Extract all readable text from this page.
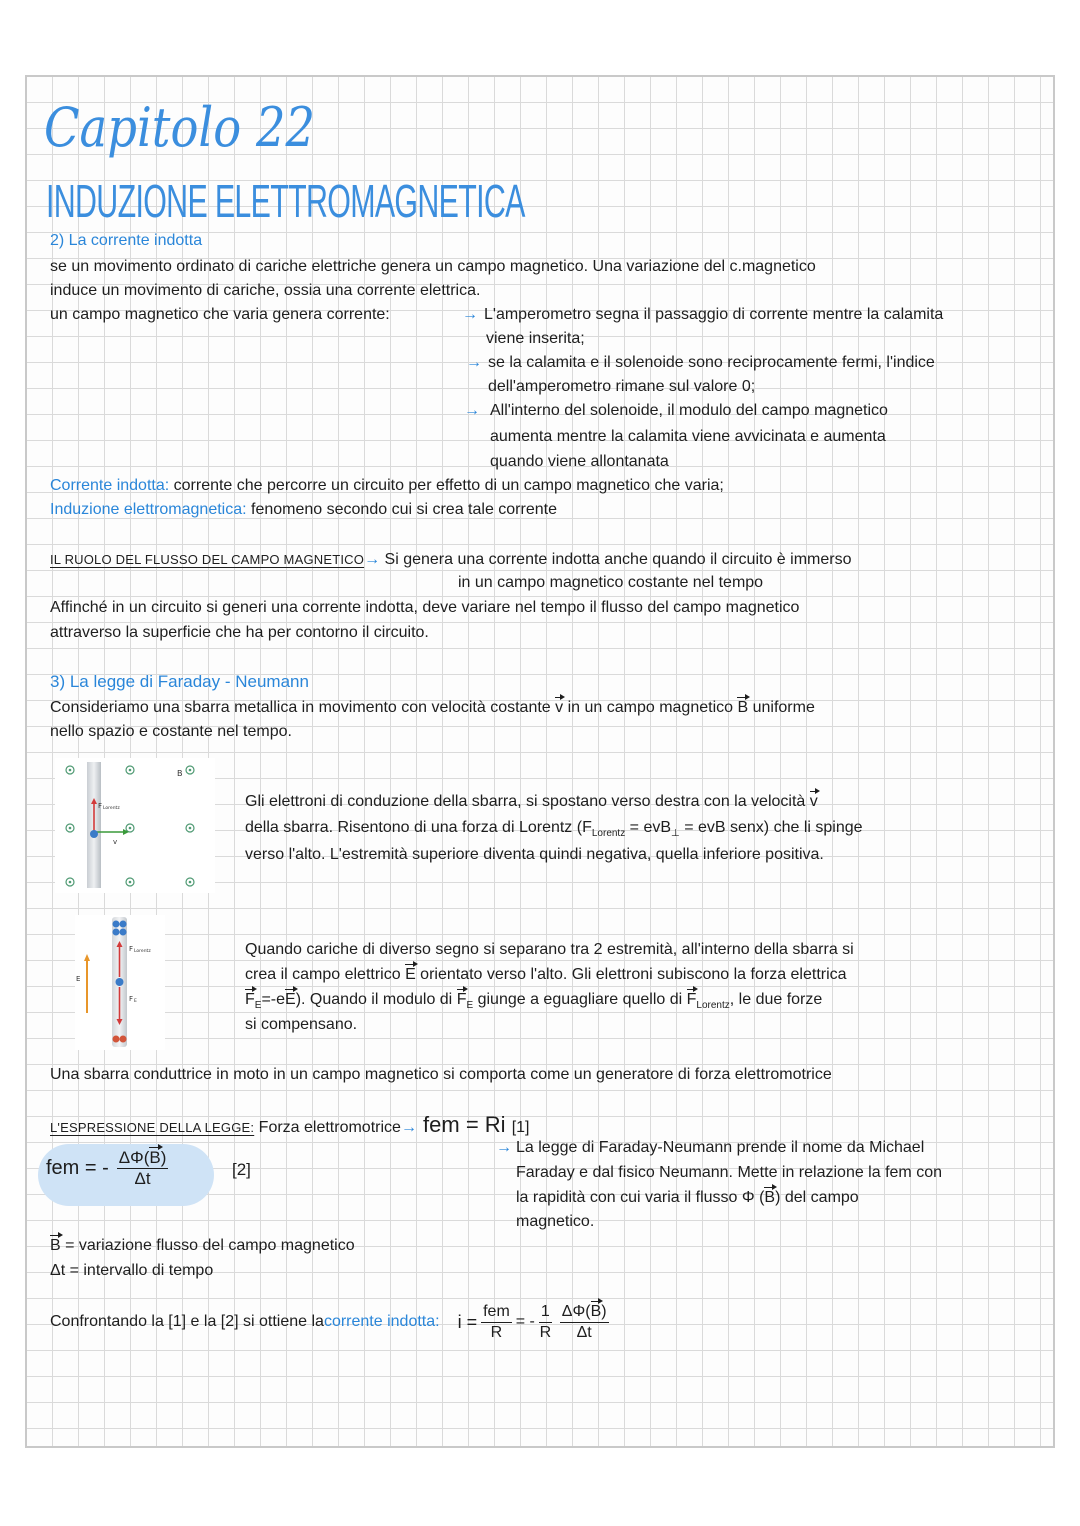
Capitolo 22
INDUZIONE ELETTROMAGNETICA
2) La corrente indotta
se un movimento ordinato di cariche elettriche genera un campo magnetico. Una variazione del c.magnetico
induce un movimento di cariche, ossia una corrente elettrica.
un campo magnetico che varia genera corrente:	→ L'amperometro segna il passaggio di corrente mentre la calamita
viene inserita;
→ se la calamita e il solenoide sono reciprocamente fermi, l'indice
dell'amperometro rimane sul valore 0;
→ All'interno del solenoide, il modulo del campo magnetico
aumenta mentre la calamita viene avvicinata e aumenta
quando viene allontanata
Corrente indotta: corrente che percorre un circuito per effetto di un campo magnetico che varia;
Induzione elettromagnetica: fenomeno secondo cui si crea tale corrente
IL RUOLO DEL FLUSSO DEL CAMPO MAGNETICO→ Si genera una corrente indotta anche quando il circuito è immerso
in un campo magnetico costante nel tempo
Affinché in un circuito si generi una corrente indotta, deve variare nel tempo il flusso del campo magnetico
attraverso la superficie che ha per contorno il circuito.
3) La legge di Faraday - Neumann
Consideriamo una sbarra metallica in movimento con velocità costante v in un campo magnetico B uniforme
nello spazio e costante nel tempo.
B
F Lorentz
v
Gli elettroni di conduzione della sbarra, si spostano verso destra con la velocità v
della sbarra. Risentono di una forza di Lorentz ($F_{Lorentz} = evB_\perp$ = evB senx) che li spinge
verso l'alto. L'estremità superiore diventa quindi negativa, quella inferiore positiva.
F Lorentz
F E
E
Quando cariche di diverso segno si separano tra 2 estremità, all'interno della sbarra si
crea il campo elettrico E orientato verso l'alto. Gli elettroni subiscono la forza elettrica
$F_E=-eE$). Quando il modulo di $F_E$ giunge a eguagliare quello di $F_{Lorentz}$, le due forze
si compensano.
Una sbarra conduttrice in moto in un campo magnetico si comporta come un generatore di forza elettromotrice
L'ESPRESSIONE DELLA LEGGE: Forza elettromotrice→ fem = Ri [1]
→ La legge di Faraday-Neumann prende il nome da Michael
Faraday e dal fisico Neumann. Mette in relazione la fem con
la rapidità con cui varia il flusso Φ (B) del campo
magnetico.
fem = - $\frac{\Delta\Phi(B)}{\Delta t}$	[2]
B = variazione flusso del campo magnetico
Δt = intervallo di tempo
Confrontando la [1] e la [2] si ottiene la corrente indotta: $i = \frac{\text{fem}}{R}$ = - $\frac{1}{R} \frac{\Delta\Phi(B)}{\Delta t}$
